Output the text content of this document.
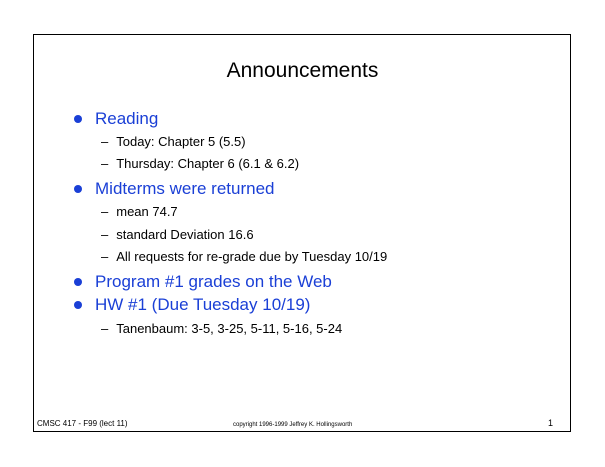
Announcements
Reading
– Today: Chapter 5 (5.5)
– Thursday: Chapter 6 (6.1 & 6.2)
Midterms were returned
– mean 74.7
– standard Deviation 16.6
– All requests for re-grade due by Tuesday 10/19
Program #1 grades on the Web
HW #1 (Due Tuesday 10/19)
– Tanenbaum: 3-5, 3-25, 5-11, 5-16, 5-24
CMSC 417 - F99 (lect 11)	copyright 1996-1999 Jeffrey K. Hollingsworth	1
